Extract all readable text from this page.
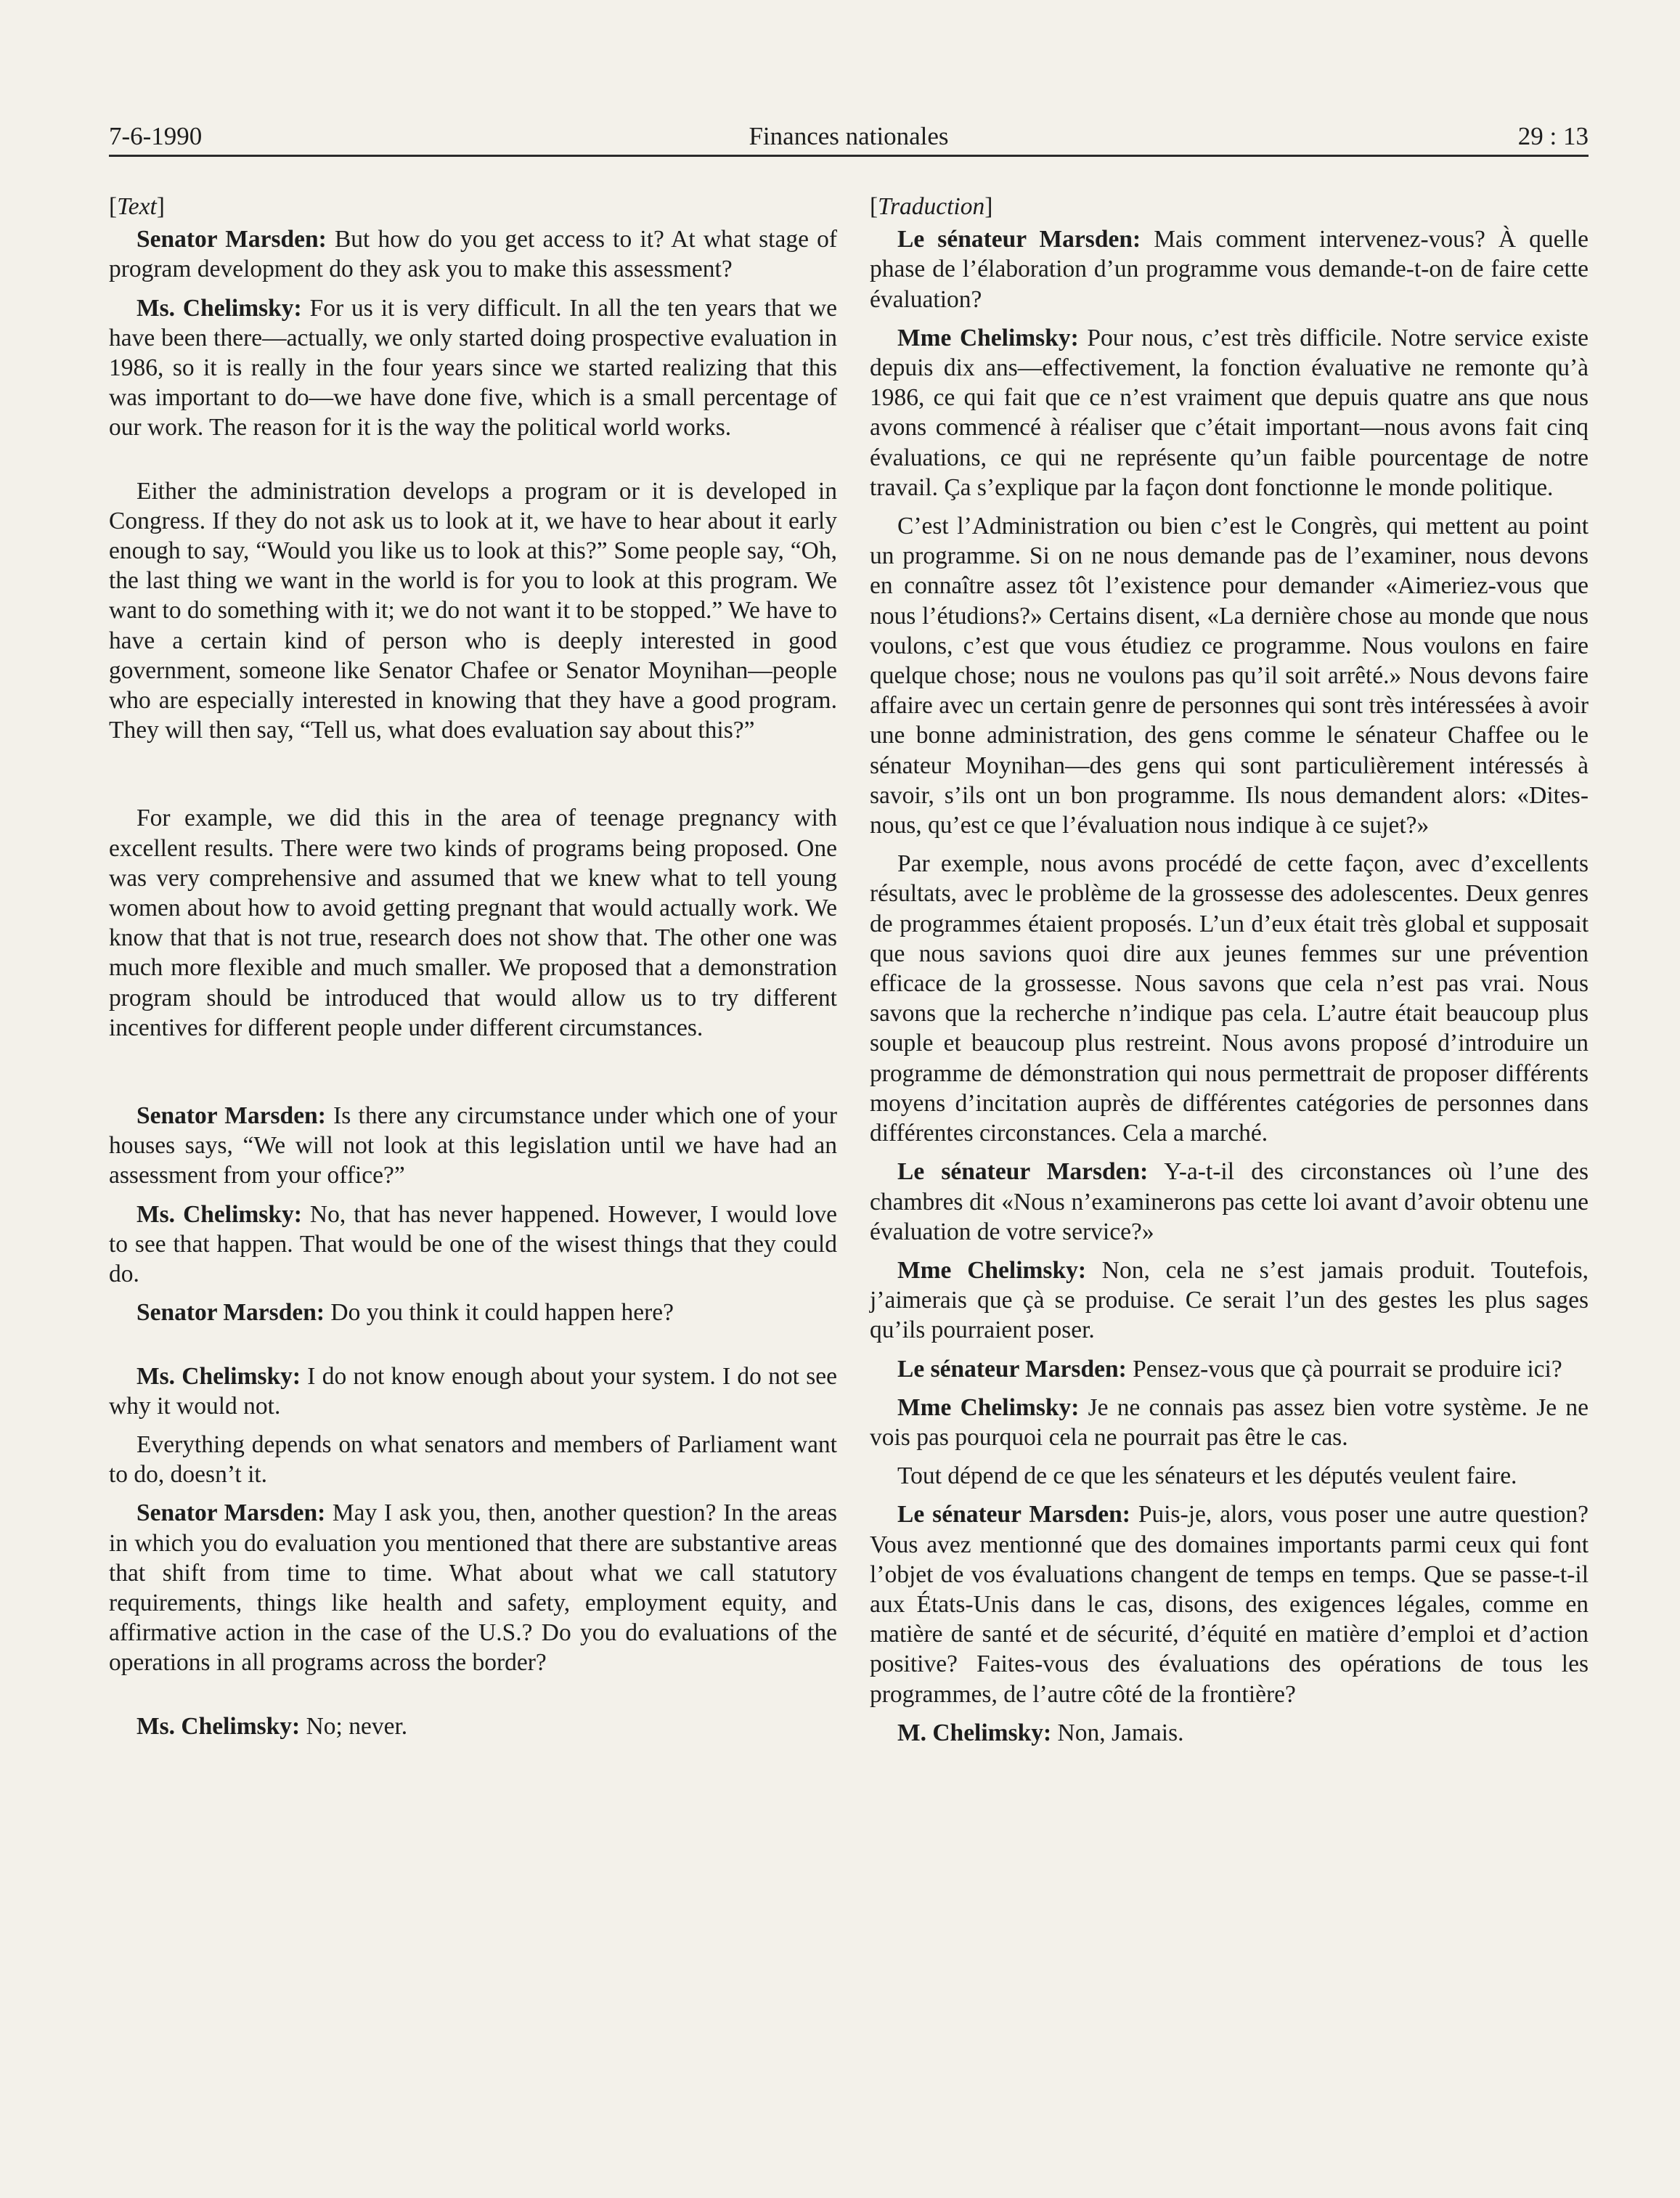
7-6-1990	Finances nationales	29 : 13

[Text]

Senator Marsden: But how do you get access to it? At what stage of program development do they ask you to make this assessment?

Ms. Chelimsky: For us it is very difficult. In all the ten years that we have been there—actually, we only started doing prospective evaluation in 1986, so it is really in the four years since we started realizing that this was important to do—we have done five, which is a small percentage of our work. The reason for it is the way the political world works.

Either the administration develops a program or it is developed in Congress. If they do not ask us to look at it, we have to hear about it early enough to say, “Would you like us to look at this?” Some people say, “Oh, the last thing we want in the world is for you to look at this program. We want to do something with it; we do not want it to be stopped.” We have to have a certain kind of person who is deeply interested in good government, someone like Senator Chafee or Senator Moynihan—people who are especially interested in knowing that they have a good program. They will then say, “Tell us, what does evaluation say about this?”

For example, we did this in the area of teenage pregnancy with excellent results. There were two kinds of programs being proposed. One was very comprehensive and assumed that we knew what to tell young women about how to avoid getting pregnant that would actually work. We know that that is not true, research does not show that. The other one was much more flexible and much smaller. We proposed that a demonstration program should be introduced that would allow us to try different incentives for different people under different circumstances.

Senator Marsden: Is there any circumstance under which one of your houses says, “We will not look at this legislation until we have had an assessment from your office?”

Ms. Chelimsky: No, that has never happened. However, I would love to see that happen. That would be one of the wisest things that they could do.

Senator Marsden: Do you think it could happen here?

Ms. Chelimsky: I do not know enough about your system. I do not see why it would not.

Everything depends on what senators and members of Parliament want to do, doesn’t it.

Senator Marsden: May I ask you, then, another question? In the areas in which you do evaluation you mentioned that there are substantive areas that shift from time to time. What about what we call statutory requirements, things like health and safety, employment equity, and affirmative action in the case of the U.S.? Do you do evaluations of the operations in all programs across the border?

Ms. Chelimsky: No; never.

[Traduction]

Le sénateur Marsden: Mais comment intervenez-vous? À quelle phase de l’élaboration d’un programme vous demande-t-on de faire cette évaluation?

Mme Chelimsky: Pour nous, c’est très difficile. Notre service existe depuis dix ans—effectivement, la fonction évaluative ne remonte qu’à 1986, ce qui fait que ce n’est vraiment que depuis quatre ans que nous avons commencé à réaliser que c’était important—nous avons fait cinq évaluations, ce qui ne représente qu’un faible pourcentage de notre travail. Ça s’explique par la façon dont fonctionne le monde politique.

C’est l’Administration ou bien c’est le Congrès, qui mettent au point un programme. Si on ne nous demande pas de l’examiner, nous devons en connaître assez tôt l’existence pour demander «Aimeriez-vous que nous l’étudions?» Certains disent, «La dernière chose au monde que nous voulons, c’est que vous étudiez ce programme. Nous voulons en faire quelque chose; nous ne voulons pas qu’il soit arrêté.» Nous devons faire affaire avec un certain genre de personnes qui sont très intéressées à avoir une bonne administration, des gens comme le sénateur Chaffee ou le sénateur Moynihan—des gens qui sont particulièrement intéressés à savoir, s’ils ont un bon programme. Ils nous demandent alors: «Dites-nous, qu’est ce que l’évaluation nous indique à ce sujet?»

Par exemple, nous avons procédé de cette façon, avec d’excellents résultats, avec le problème de la grossesse des adolescentes. Deux genres de programmes étaient proposés. L’un d’eux était très global et supposait que nous savions quoi dire aux jeunes femmes sur une prévention efficace de la grossesse. Nous savons que cela n’est pas vrai. Nous savons que la recherche n’indique pas cela. L’autre était beaucoup plus souple et beaucoup plus restreint. Nous avons proposé d’introduire un programme de démonstration qui nous permettrait de proposer différents moyens d’incitation auprès de différentes catégories de personnes dans différentes circonstances. Cela a marché.

Le sénateur Marsden: Y-a-t-il des circonstances où l’une des chambres dit «Nous n’examinerons pas cette loi avant d’avoir obtenu une évaluation de votre service?»

Mme Chelimsky: Non, cela ne s’est jamais produit. Toutefois, j’aimerais que çà se produise. Ce serait l’un des gestes les plus sages qu’ils pourraient poser.

Le sénateur Marsden: Pensez-vous que çà pourrait se produire ici?

Mme Chelimsky: Je ne connais pas assez bien votre système. Je ne vois pas pourquoi cela ne pourrait pas être le cas.

Tout dépend de ce que les sénateurs et les députés veulent faire.

Le sénateur Marsden: Puis-je, alors, vous poser une autre question? Vous avez mentionné que des domaines importants parmi ceux qui font l’objet de vos évaluations changent de temps en temps. Que se passe-t-il aux États-Unis dans le cas, disons, des exigences légales, comme en matière de santé et de sécurité, d’équité en matière d’emploi et d’action positive? Faites-vous des évaluations des opérations de tous les programmes, de l’autre côté de la frontière?

M. Chelimsky: Non, Jamais.
